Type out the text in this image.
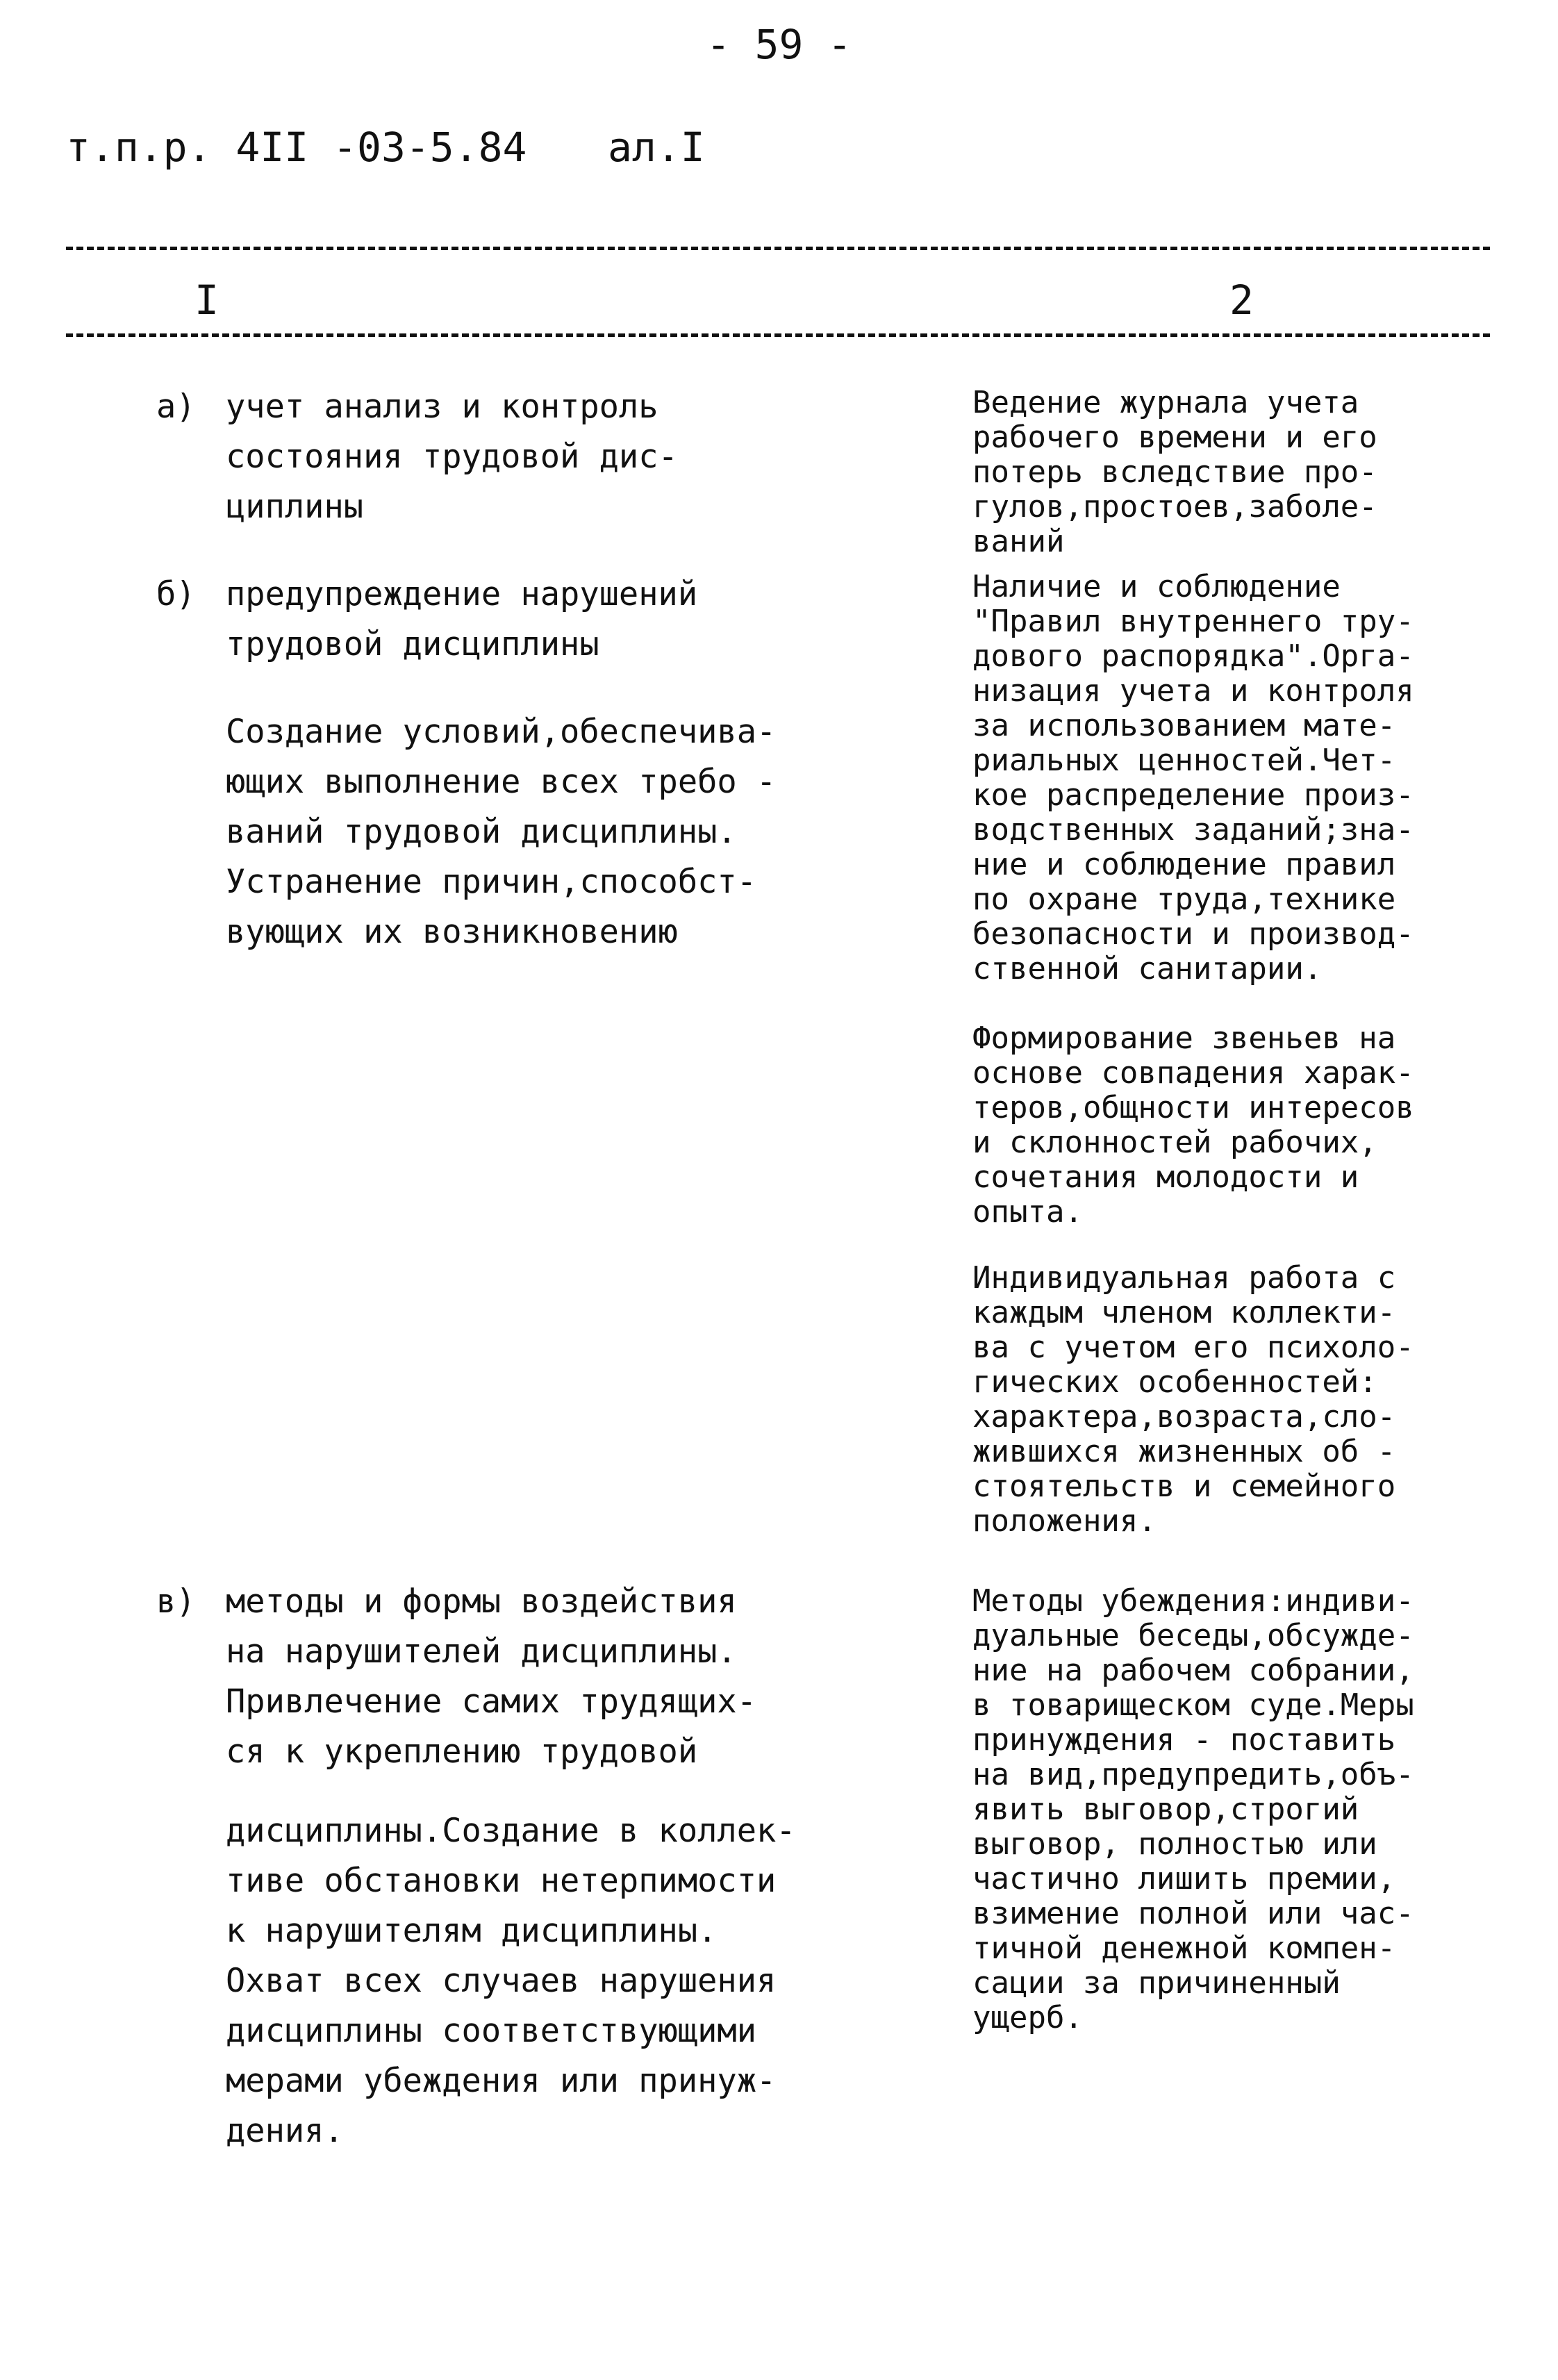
- 59 -
т.п.р. 4II -03-5.84 ал.I
I	2
а) учет анализ и контроль
состояния трудовой дис-
циплины
б) предупреждение нарушений
трудовой дисциплины
Создание условий,обеспечива-
ющих выполнение всех требо -
ваний трудовой дисциплины.
Устранение причин,способст-
вующих их возникновению
в) методы и формы воздействия
на нарушителей дисциплины.
Привлечение самих трудящих-
ся к укреплению трудовой
дисциплины.Создание в коллек-
тиве обстановки нетерпимости
к нарушителям дисциплины.
Охват всех случаев нарушения
дисциплины соответствующими
мерами убеждения или принуж-
дения.
Ведение журнала учета
рабочего времени и его
потерь вследствие про-
гулов,простоев,заболе-
ваний
Наличие и соблюдение
"Правил внутреннего тру-
дового распорядка".Орга-
низация учета и контроля
за использованием мате-
риальных ценностей.Чет-
кое распределение произ-
водственных заданий;зна-
ние и соблюдение правил
по охране труда,технике
безопасности и производ-
ственной санитарии.
Формирование звеньев на
основе совпадения харак-
теров,общности интересов
и склонностей рабочих,
сочетания молодости и
опыта.
Индивидуальная работа с
каждым членом коллекти-
ва с учетом его психоло-
гических особенностей:
характера,возраста,сло-
жившихся жизненных об -
стоятельств и семейного
положения.
Методы убеждения:индиви-
дуальные беседы,обсужде-
ние на рабочем собрании,
в товарищеском суде.Меры
принуждения - поставить
на вид,предупредить,объ-
явить выговор,строгий
выговор, полностью или
частично лишить премии,
взимение полной или час-
тичной денежной компен-
сации за причиненный
ущерб.
